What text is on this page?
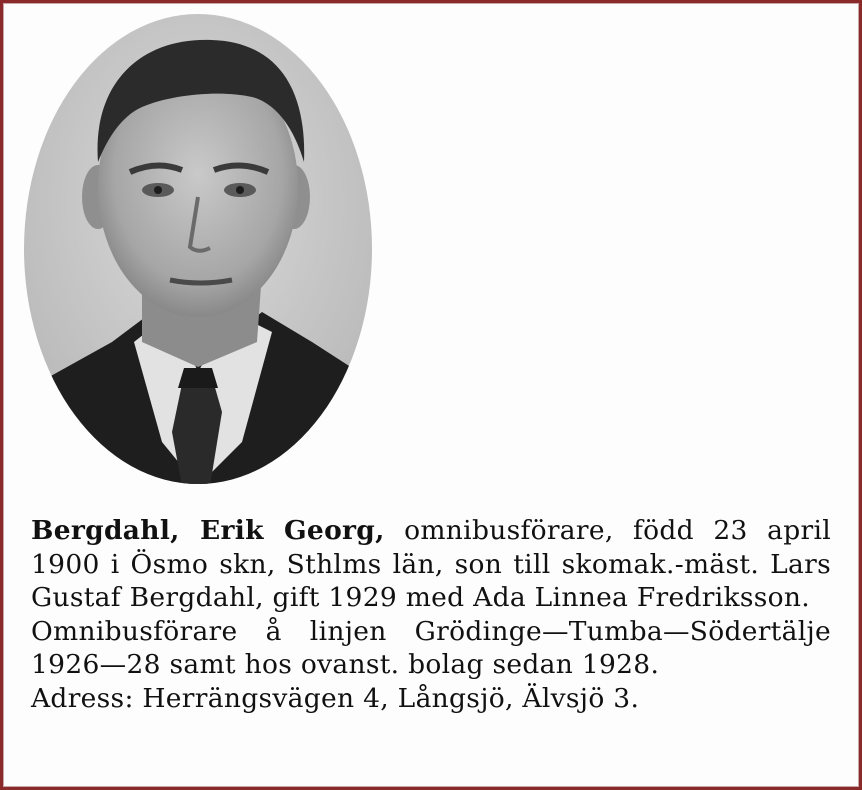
Bergdahl, Erik Georg, omnibusförare, född 23 april 1900 i Ösmo skn, Sthlms län, son till skomak.-mäst. Lars Gustaf Bergdahl, gift 1929 med Ada Linnea Fredriksson.

Omnibusförare å linjen Grödinge—Tumba—Södertälje 1926—28 samt hos ovanst. bolag sedan 1928.

Adress: Herrängsvägen 4, Långsjö, Älvsjö 3.
